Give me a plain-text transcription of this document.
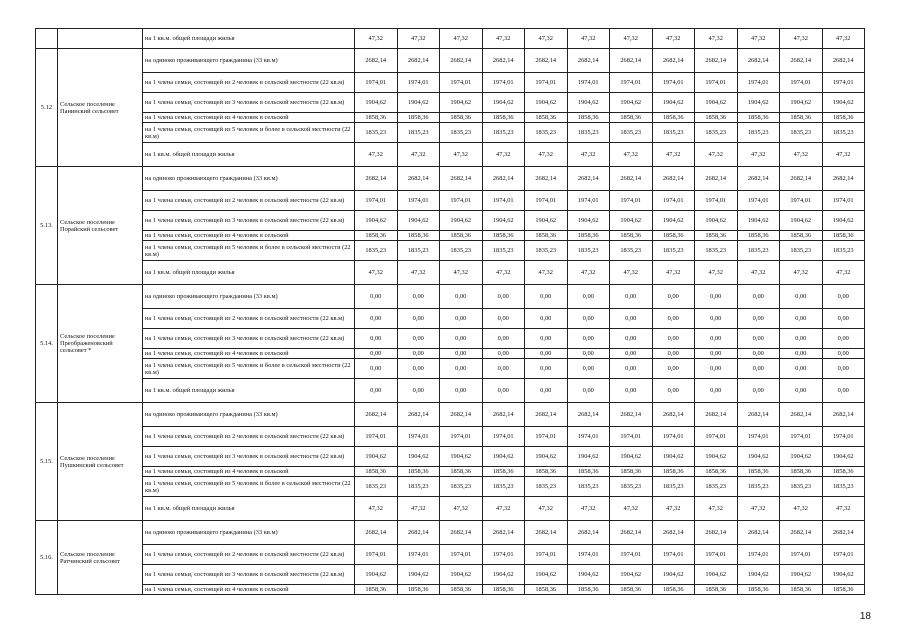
		на 1 кв.м. общей площади жилья	47,32	47,32	47,32	47,32	47,32	47,32	47,32	47,32	47,32	47,32	47,32	47,32
5.12	Сельское поселение Панинский сельсовет	на одиноко проживающего гражданина (33 кв.м)	2682,14	2682,14	2682,14	2682,14	2682,14	2682,14	2682,14	2682,14	2682,14	2682,14	2682,14	2682,14
		на 1 члена семьи, состоящей из 2 человек в сельской местности (22 кв.м)	1974,01	1974,01	1974,01	1974,01	1974,01	1974,01	1974,01	1974,01	1974,01	1974,01	1974,01	1974,01
		на 1 члена семьи, состоящей из 3 человек в сельской местности (22 кв.м)	1904,62	1904,62	1904,62	1904,62	1904,62	1904,62	1904,62	1904,62	1904,62	1904,62	1904,62	1904,62
		на 1 члена семьи, состоящей из 4 человек в сельской	1858,36	1858,36	1858,36	1858,36	1858,36	1858,36	1858,36	1858,36	1858,36	1858,36	1858,36	1858,36
		на 1 члена семьи, состоящей из 5 человек и более в сельской местности (22 кв.м)	1835,23	1835,23	1835,23	1835,23	1835,23	1835,23	1835,23	1835,23	1835,23	1835,23	1835,23	1835,23
		на 1 кв.м. общей площади жилья	47,32	47,32	47,32	47,32	47,32	47,32	47,32	47,32	47,32	47,32	47,32	47,32
5.13.	Сельское поселение Порайский сельсовет	на одиноко проживающего гражданина (33 кв.м)	2682,14	2682,14	2682,14	2682,14	2682,14	2682,14	2682,14	2682,14	2682,14	2682,14	2682,14	2682,14
		на 1 члена семьи, состоящей из 2 человек в сельской местности (22 кв.м)	1974,01	1974,01	1974,01	1974,01	1974,01	1974,01	1974,01	1974,01	1974,01	1974,01	1974,01	1974,01
		на 1 члена семьи, состоящей из 3 человек в сельской местности (22 кв.м)	1904,62	1904,62	1904,62	1904,62	1904,62	1904,62	1904,62	1904,62	1904,62	1904,62	1904,62	1904,62
		на 1 члена семьи, состоящей из 4 человек в сельской	1858,36	1858,36	1858,36	1858,36	1858,36	1858,36	1858,36	1858,36	1858,36	1858,36	1858,36	1858,36
		на 1 члена семьи, состоящей из 5 человек и более в сельской местности (22 кв.м)	1835,23	1835,23	1835,23	1835,23	1835,23	1835,23	1835,23	1835,23	1835,23	1835,23	1835,23	1835,23
		на 1 кв.м. общей площади жилья	47,32	47,32	47,32	47,32	47,32	47,32	47,32	47,32	47,32	47,32	47,32	47,32
5.14.	Сельское поселение Преображеновский сельсовет *	на одиноко проживающего гражданина (33 кв.м)	0,00	0,00	0,00	0,00	0,00	0,00	0,00	0,00	0,00	0,00	0,00	0,00
		на 1 члена семьи, состоящей из 2 человек в сельской местности (22 кв.м)	0,00	0,00	0,00	0,00	0,00	0,00	0,00	0,00	0,00	0,00	0,00	0,00
		на 1 члена семьи, состоящей из 3 человек в сельской местности (22 кв.м)	0,00	0,00	0,00	0,00	0,00	0,00	0,00	0,00	0,00	0,00	0,00	0,00
		на 1 члена семьи, состоящей из 4 человек в сельской	0,00	0,00	0,00	0,00	0,00	0,00	0,00	0,00	0,00	0,00	0,00	0,00
		на 1 члена семьи, состоящей из 5 человек и более в сельской местности (22 кв.м)	0,00	0,00	0,00	0,00	0,00	0,00	0,00	0,00	0,00	0,00	0,00	0,00
		на 1 кв.м. общей площади жилья	0,00	0,00	0,00	0,00	0,00	0,00	0,00	0,00	0,00	0,00	0,00	0,00
5.15.	Сельское поселение Пушкинский сельсовет	на одиноко проживающего гражданина (33 кв.м)	2682,14	2682,14	2682,14	2682,14	2682,14	2682,14	2682,14	2682,14	2682,14	2682,14	2682,14	2682,14
		на 1 члена семьи, состоящей из 2 человек в сельской местности (22 кв.м)	1974,01	1974,01	1974,01	1974,01	1974,01	1974,01	1974,01	1974,01	1974,01	1974,01	1974,01	1974,01
		на 1 члена семьи, состоящей из 3 человек в сельской местности (22 кв.м)	1904,62	1904,62	1904,62	1904,62	1904,62	1904,62	1904,62	1904,62	1904,62	1904,62	1904,62	1904,62
		на 1 члена семьи, состоящей из 4 человек в сельской	1858,36	1858,36	1858,36	1858,36	1858,36	1858,36	1858,36	1858,36	1858,36	1858,36	1858,36	1858,36
		на 1 члена семьи, состоящей из 5 человек и более в сельской местности (22 кв.м)	1835,23	1835,23	1835,23	1835,23	1835,23	1835,23	1835,23	1835,23	1835,23	1835,23	1835,23	1835,23
		на 1 кв.м. общей площади жилья	47,32	47,32	47,32	47,32	47,32	47,32	47,32	47,32	47,32	47,32	47,32	47,32
5.16.	Сельское поселение Ратчинский сельсовет	на одиноко проживающего гражданина (33 кв.м)	2682,14	2682,14	2682,14	2682,14	2682,14	2682,14	2682,14	2682,14	2682,14	2682,14	2682,14	2682,14
		на 1 члена семьи, состоящей из 2 человек в сельской местности (22 кв.м)	1974,01	1974,01	1974,01	1974,01	1974,01	1974,01	1974,01	1974,01	1974,01	1974,01	1974,01	1974,01
		на 1 члена семьи, состоящей из 3 человек в сельской местности (22 кв.м)	1904,62	1904,62	1904,62	1904,62	1904,62	1904,62	1904,62	1904,62	1904,62	1904,62	1904,62	1904,62
		на 1 члена семьи, состоящей из 4 человек в сельской	1858,36	1858,36	1858,36	1858,36	1858,36	1858,36	1858,36	1858,36	1858,36	1858,36	1858,36	1858,36
18
